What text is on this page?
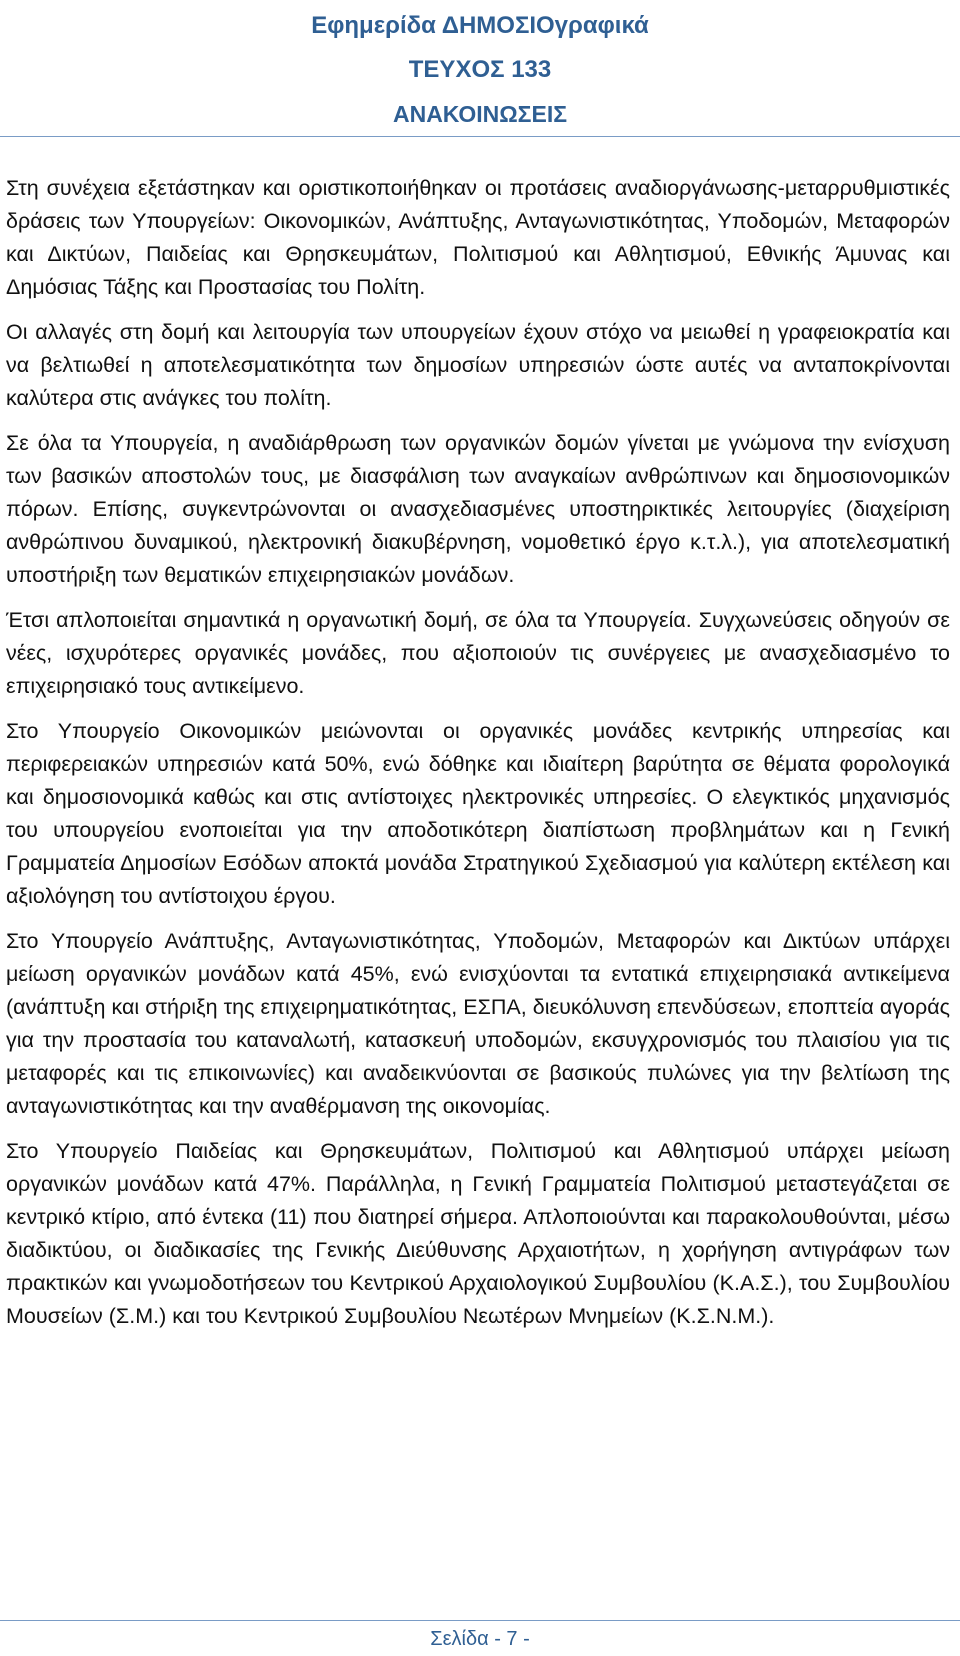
Εφημερίδα ΔΗΜΟΣΙΟγραφικά
ΤΕΥΧΟΣ 133
ΑΝΑΚΟΙΝΩΣΕΙΣ

Στη συνέχεια εξετάστηκαν και οριστικοποιήθηκαν οι προτάσεις αναδιοργάνωσης-μεταρρυθμιστικές δράσεις των Υπουργείων: Οικονομικών, Ανάπτυξης, Ανταγωνιστικότητας, Υποδομών, Μεταφορών και Δικτύων, Παιδείας και Θρησκευμάτων, Πολιτισμού και Αθλητισμού, Εθνικής Άμυνας και Δημόσιας Τάξης και Προστασίας του Πολίτη.

Οι αλλαγές στη δομή και λειτουργία των υπουργείων έχουν στόχο να μειωθεί η γραφειοκρατία και να βελτιωθεί η αποτελεσματικότητα των δημοσίων υπηρεσιών ώστε αυτές να ανταποκρίνονται καλύτερα στις ανάγκες του πολίτη.

Σε όλα τα Υπουργεία, η αναδιάρθρωση των οργανικών δομών γίνεται με γνώμονα την ενίσχυση των βασικών αποστολών τους, με διασφάλιση των αναγκαίων ανθρώπινων και δημοσιονομικών πόρων. Επίσης, συγκεντρώνονται οι ανασχεδιασμένες υποστηρικτικές λειτουργίες (διαχείριση ανθρώπινου δυναμικού, ηλεκτρονική διακυβέρνηση, νομοθετικό έργο κ.τ.λ.), για αποτελεσματική υποστήριξη των θεματικών επιχειρησιακών μονάδων.

Έτσι απλοποιείται σημαντικά η οργανωτική δομή, σε όλα τα Υπουργεία. Συγχωνεύσεις οδηγούν σε νέες, ισχυρότερες οργανικές μονάδες, που αξιοποιούν τις συνέργειες με ανασχεδιασμένο το επιχειρησιακό τους αντικείμενο.

Στο Υπουργείο Οικονομικών μειώνονται οι οργανικές μονάδες κεντρικής υπηρεσίας και περιφερειακών υπηρεσιών κατά 50%, ενώ δόθηκε και ιδιαίτερη βαρύτητα σε θέματα φορολογικά και δημοσιονομικά καθώς και στις αντίστοιχες ηλεκτρονικές υπηρεσίες. Ο ελεγκτικός μηχανισμός του υπουργείου ενοποιείται για την αποδοτικότερη διαπίστωση προβλημάτων και η Γενική Γραμματεία Δημοσίων Εσόδων αποκτά μονάδα Στρατηγικού Σχεδιασμού για καλύτερη εκτέλεση και αξιολόγηση του αντίστοιχου έργου.

Στο Υπουργείο Ανάπτυξης, Ανταγωνιστικότητας, Υποδομών, Μεταφορών και Δικτύων υπάρχει μείωση οργανικών μονάδων κατά 45%, ενώ ενισχύονται τα εντατικά επιχειρησιακά αντικείμενα (ανάπτυξη και στήριξη της επιχειρηματικότητας, ΕΣΠΑ, διευκόλυνση επενδύσεων, εποπτεία αγοράς για την προστασία του καταναλωτή, κατασκευή υποδομών, εκσυγχρονισμός του πλαισίου για τις μεταφορές και τις επικοινωνίες) και αναδεικνύονται σε βασικούς πυλώνες για την βελτίωση της ανταγωνιστικότητας και την αναθέρμανση της οικονομίας.

Στο Υπουργείο Παιδείας και Θρησκευμάτων, Πολιτισμού και Αθλητισμού υπάρχει μείωση οργανικών μονάδων κατά 47%. Παράλληλα, η Γενική Γραμματεία Πολιτισμού μεταστεγάζεται σε κεντρικό κτίριο, από έντεκα (11) που διατηρεί σήμερα. Απλοποιούνται και παρακολουθούνται, μέσω διαδικτύου, οι διαδικασίες της Γενικής Διεύθυνσης Αρχαιοτήτων, η χορήγηση αντιγράφων των πρακτικών και γνωμοδοτήσεων του Κεντρικού Αρχαιολογικού Συμβουλίου (Κ.Α.Σ.), του Συμβουλίου Μουσείων (Σ.Μ.) και του Κεντρικού Συμβουλίου Νεωτέρων Μνημείων (Κ.Σ.Ν.Μ.).

Σελίδα - 7 -
